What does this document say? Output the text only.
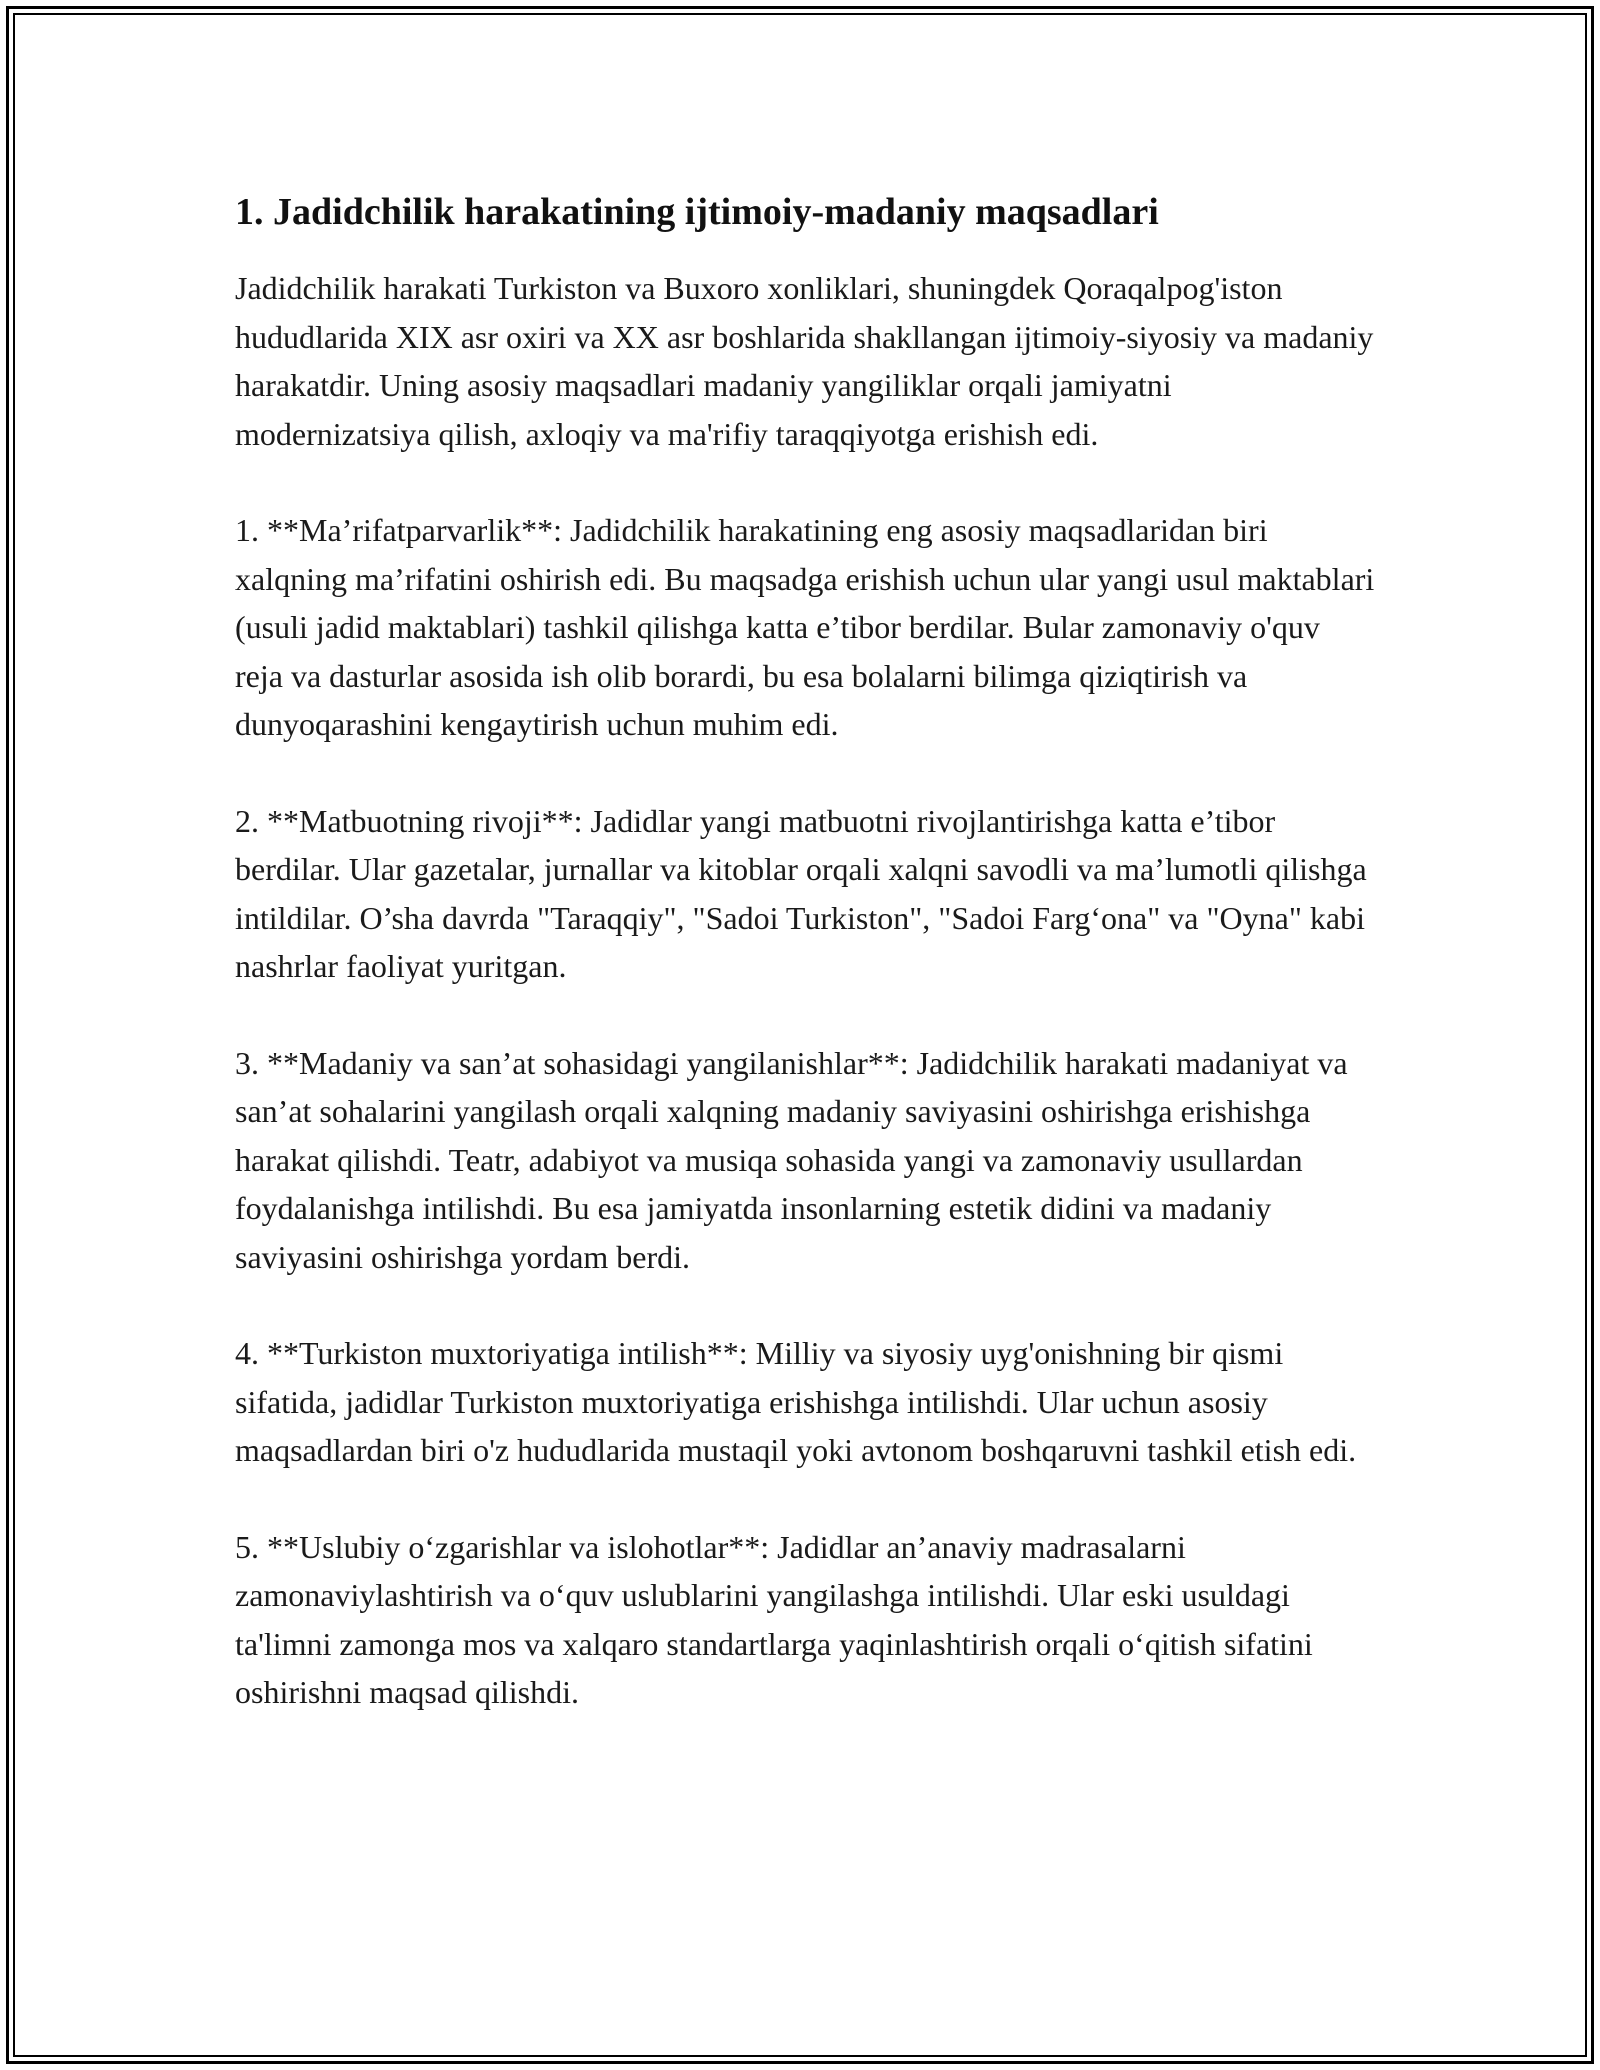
1. Jadidchilik harakatining ijtimoiy-madaniy maqsadlari

Jadidchilik harakati Turkiston va Buxoro xonliklari, shuningdek Qoraqalpog'iston hududlarida XIX asr oxiri va XX asr boshlarida shakllangan ijtimoiy-siyosiy va madaniy harakatdir. Uning asosiy maqsadlari madaniy yangiliklar orqali jamiyatni modernizatsiya qilish, axloqiy va ma'rifiy taraqqiyotga erishish edi.

1. **Ma’rifatparvarlik**: Jadidchilik harakatining eng asosiy maqsadlaridan biri xalqning ma’rifatini oshirish edi. Bu maqsadga erishish uchun ular yangi usul maktablari (usuli jadid maktablari) tashkil qilishga katta e’tibor berdilar. Bular zamonaviy o'quv reja va dasturlar asosida ish olib borardi, bu esa bolalarni bilimga qiziqtirish va dunyoqarashini kengaytirish uchun muhim edi.

2. **Matbuotning rivoji**: Jadidlar yangi matbuotni rivojlantirishga katta e’tibor berdilar. Ular gazetalar, jurnallar va kitoblar orqali xalqni savodli va ma’lumotli qilishga intildilar. O’sha davrda "Taraqqiy", "Sadoi Turkiston", "Sadoi Farg‘ona" va "Oyna" kabi nashrlar faoliyat yuritgan.

3. **Madaniy va san’at sohasidagi yangilanishlar**: Jadidchilik harakati madaniyat va san’at sohalarini yangilash orqali xalqning madaniy saviyasini oshirishga erishishga harakat qilishdi. Teatr, adabiyot va musiqa sohasida yangi va zamonaviy usullardan foydalanishga intilishdi. Bu esa jamiyatda insonlarning estetik didini va madaniy saviyasini oshirishga yordam berdi.

4. **Turkiston muxtoriyatiga intilish**: Milliy va siyosiy uyg'onishning bir qismi sifatida, jadidlar Turkiston muxtoriyatiga erishishga intilishdi. Ular uchun asosiy maqsadlardan biri o'z hududlarida mustaqil yoki avtonom boshqaruvni tashkil etish edi.

5. **Uslubiy o‘zgarishlar va islohotlar**: Jadidlar an’anaviy madrasalarni zamonaviylashtirish va o‘quv uslublarini yangilashga intilishdi. Ular eski usuldagi ta'limni zamonga mos va xalqaro standartlarga yaqinlashtirish orqali o‘qitish sifatini oshirishni maqsad qilishdi.
